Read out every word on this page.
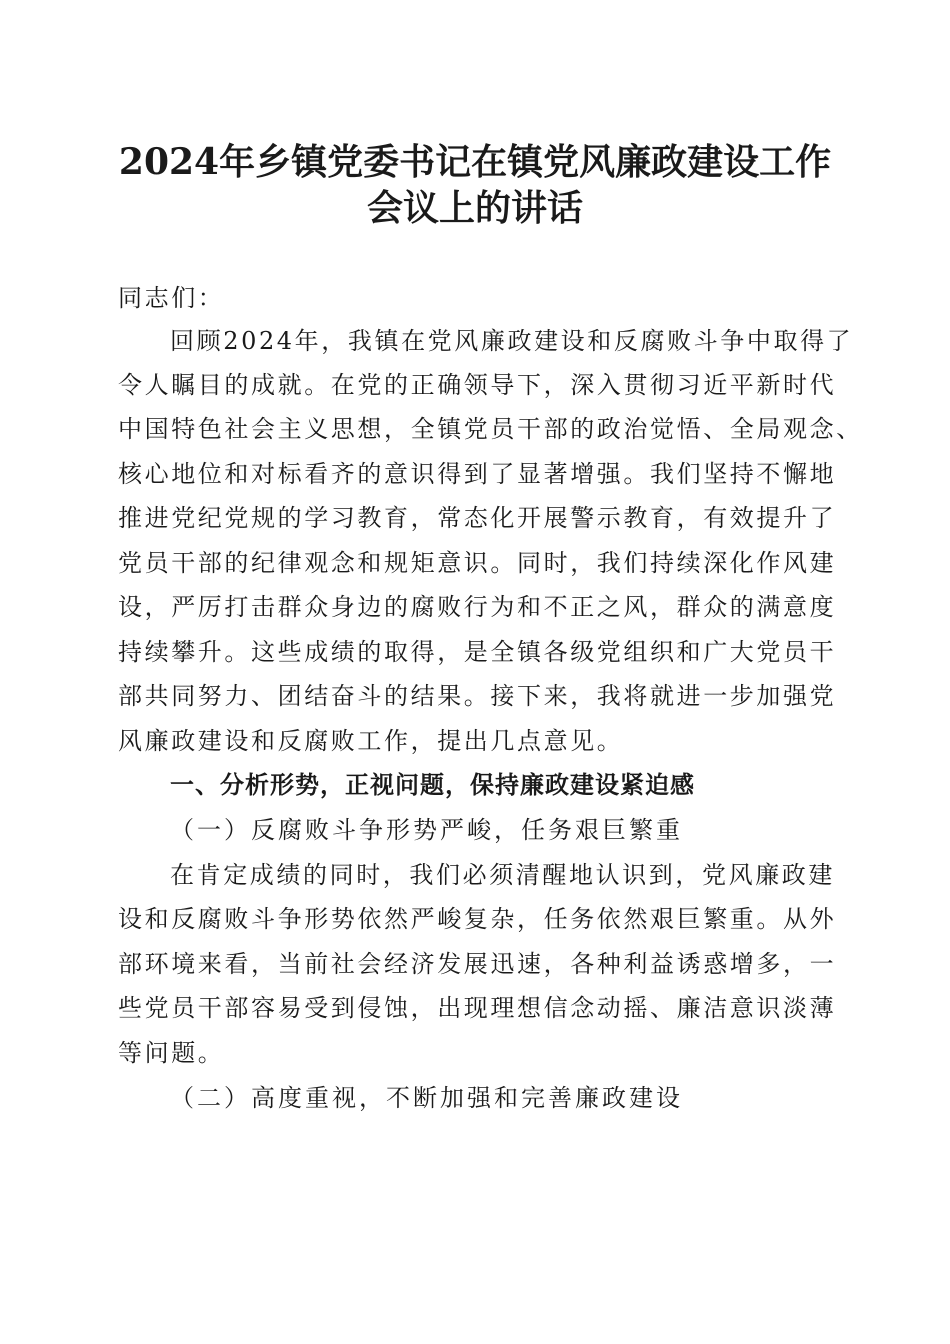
2024年乡镇党委书记在镇党风廉政建设工作
会议上的讲话
同志们：
回顾2024年，我镇在党风廉政建设和反腐败斗争中取得了
令人瞩目的成就。在党的正确领导下，深入贯彻习近平新时代
中国特色社会主义思想，全镇党员干部的政治觉悟、全局观念、
核心地位和对标看齐的意识得到了显著增强。我们坚持不懈地
推进党纪党规的学习教育，常态化开展警示教育，有效提升了
党员干部的纪律观念和规矩意识。同时，我们持续深化作风建
设，严厉打击群众身边的腐败行为和不正之风，群众的满意度
持续攀升。这些成绩的取得，是全镇各级党组织和广大党员干
部共同努力、团结奋斗的结果。接下来，我将就进一步加强党
风廉政建设和反腐败工作，提出几点意见。
一、分析形势，正视问题，保持廉政建设紧迫感
（一）反腐败斗争形势严峻，任务艰巨繁重
在肯定成绩的同时，我们必须清醒地认识到，党风廉政建
设和反腐败斗争形势依然严峻复杂，任务依然艰巨繁重。从外
部环境来看，当前社会经济发展迅速，各种利益诱惑增多，一
些党员干部容易受到侵蚀，出现理想信念动摇、廉洁意识淡薄
等问题。
（二）高度重视，不断加强和完善廉政建设
